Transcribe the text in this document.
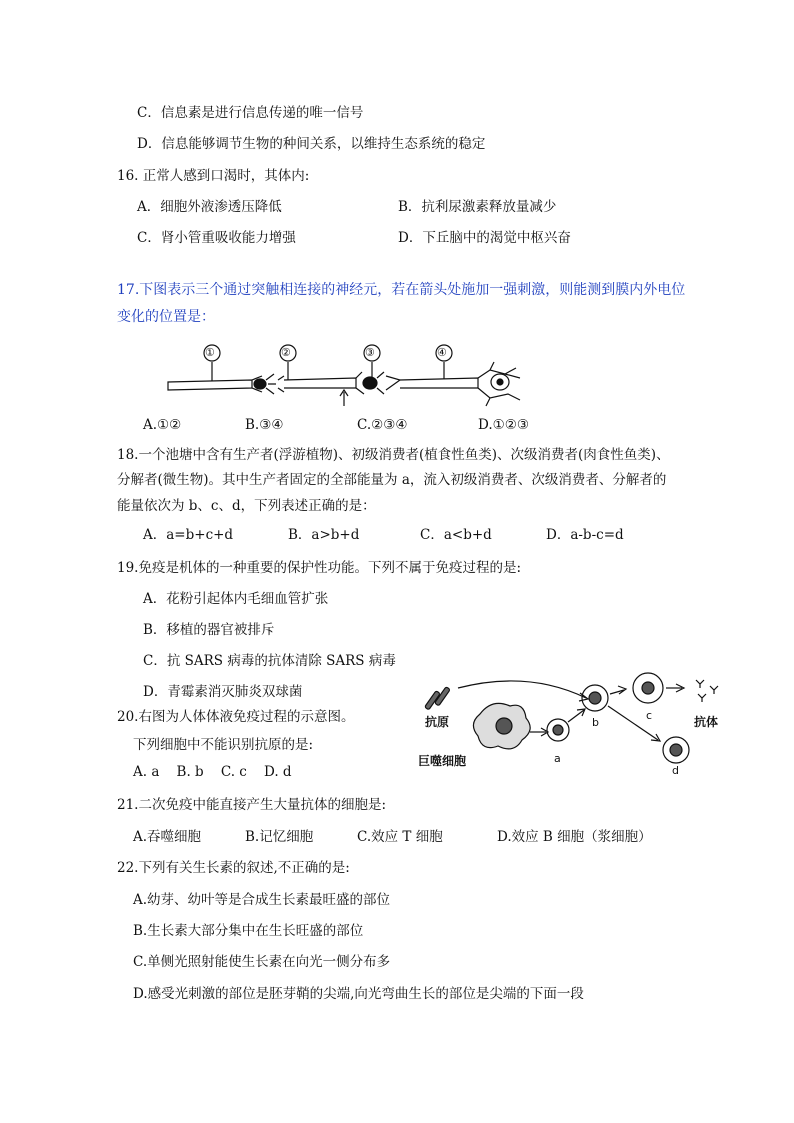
C．信息素是进行信息传递的唯一信号
D．信息能够调节生物的种间关系，以维持生态系统的稳定
16. 正常人感到口渴时，其体内:
A．细胞外液渗透压降低	B．抗利尿激素释放量减少
C．肾小管重吸收能力增强	D．下丘脑中的渴觉中枢兴奋
17.下图表示三个通过突触相连接的神经元，若在箭头处施加一强刺激，则能测到膜内外电位
变化的位置是：
①	②	③	④
A.①②	B.③④	C.②③④	D.①②③
18.一个池塘中含有生产者(浮游植物)、初级消费者(植食性鱼类)、次级消费者(肉食性鱼类)、
分解者(微生物)。其中生产者固定的全部能量为 a，流入初级消费者、次级消费者、分解者的
能量依次为 b、c、d，下列表述正确的是：
A．a=b+c+d	B．a>b+d	C．a<b+d	D．a-b-c=d
19.免疫是机体的一种重要的保护性功能。下列不属于免疫过程的是:
A．花粉引起体内毛细血管扩张
B．移植的器官被排斥
C．抗 SARS 病毒的抗体清除 SARS 病毒
D．青霉素消灭肺炎双球菌
20.右图为人体体液免疫过程的示意图。
下列细胞中不能识别抗原的是:
A. a    B. b    C. c    D. d
抗原
巨噬细胞
抗体
a
b
c
d
21.二次免疫中能直接产生大量抗体的细胞是:
A.吞噬细胞	B.记忆细胞	C.效应 T 细胞	D.效应 B 细胞（浆细胞）
22.下列有关生长素的叙述,不正确的是:
A.幼芽、幼叶等是合成生长素最旺盛的部位
B.生长素大部分集中在生长旺盛的部位
C.单侧光照射能使生长素在向光一侧分布多
D.感受光刺激的部位是胚芽鞘的尖端,向光弯曲生长的部位是尖端的下面一段
